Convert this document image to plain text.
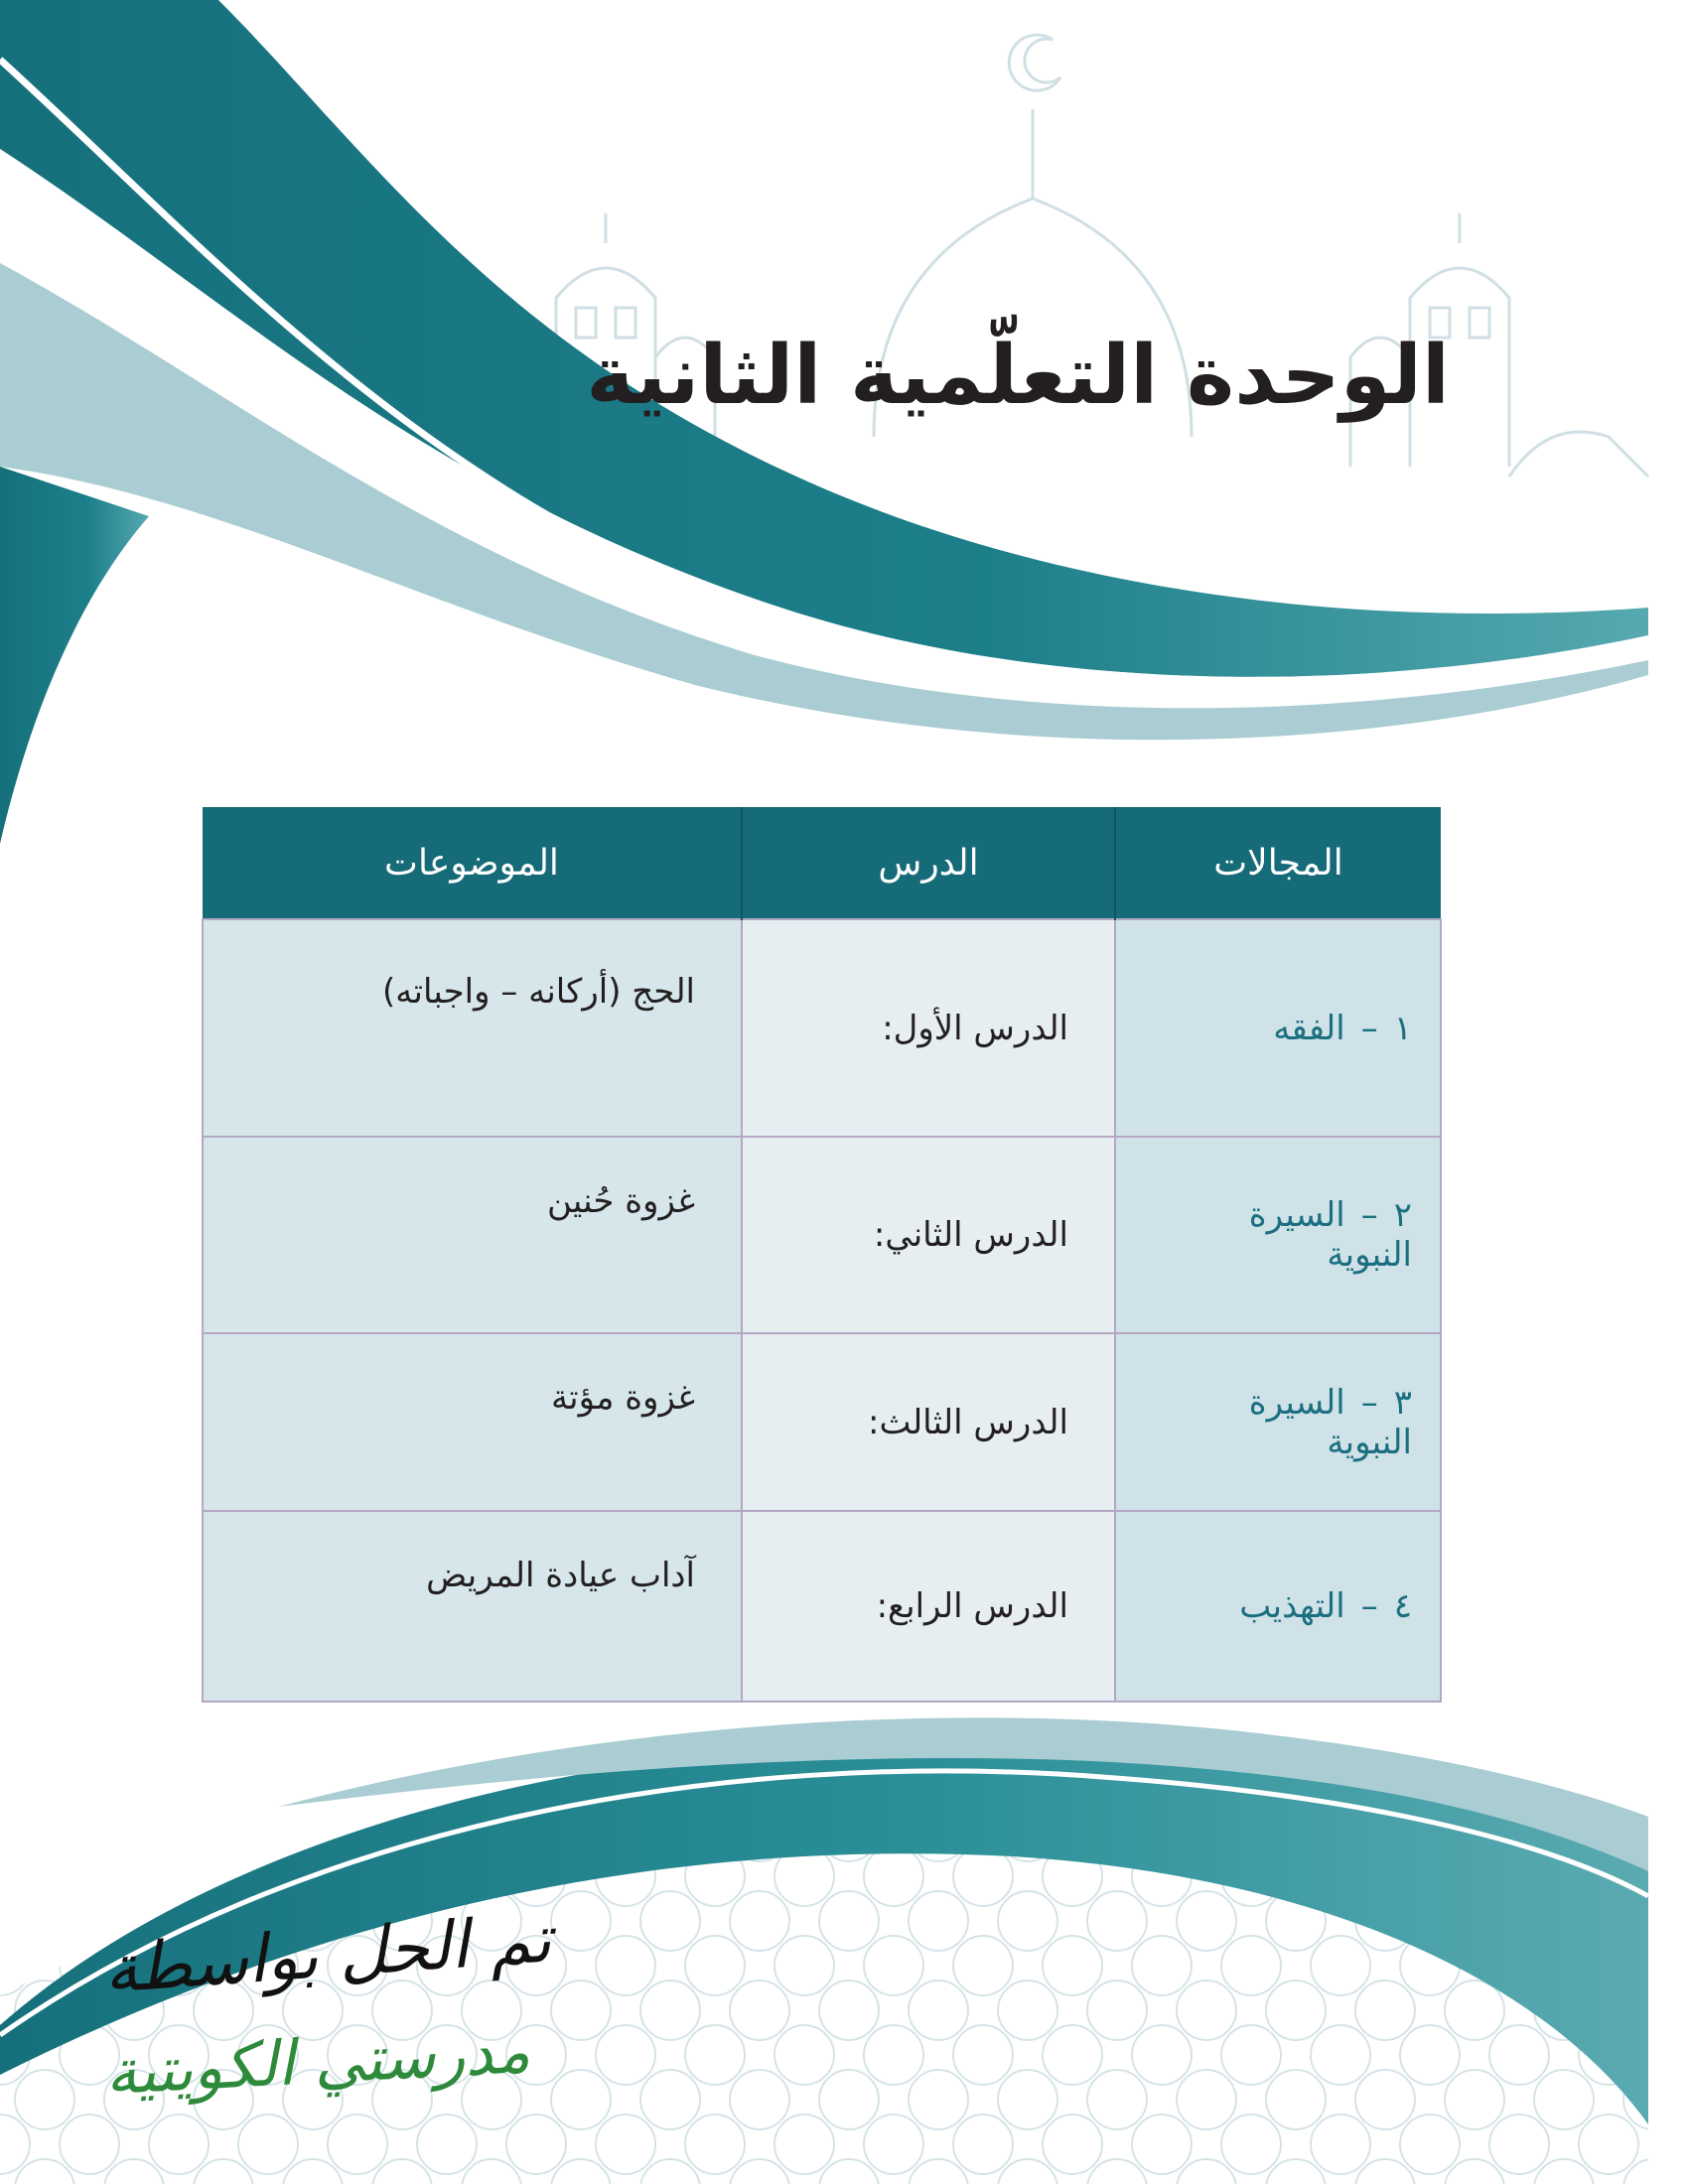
الوحدة التعلّمية الثانية
المجالات	الدرس	الموضوعات
١–الفقه	الدرس الأول:	الحج (أركانه – واجباته)
٢–السيرة النبوية	الدرس الثاني:	غزوة حُنين
٣–السيرة النبوية	الدرس الثالث:	غزوة مؤتة
٤–التهذيب	الدرس الرابع:	آداب عيادة المريض
تم الحل بواسطة
مدرستي الكويتية
